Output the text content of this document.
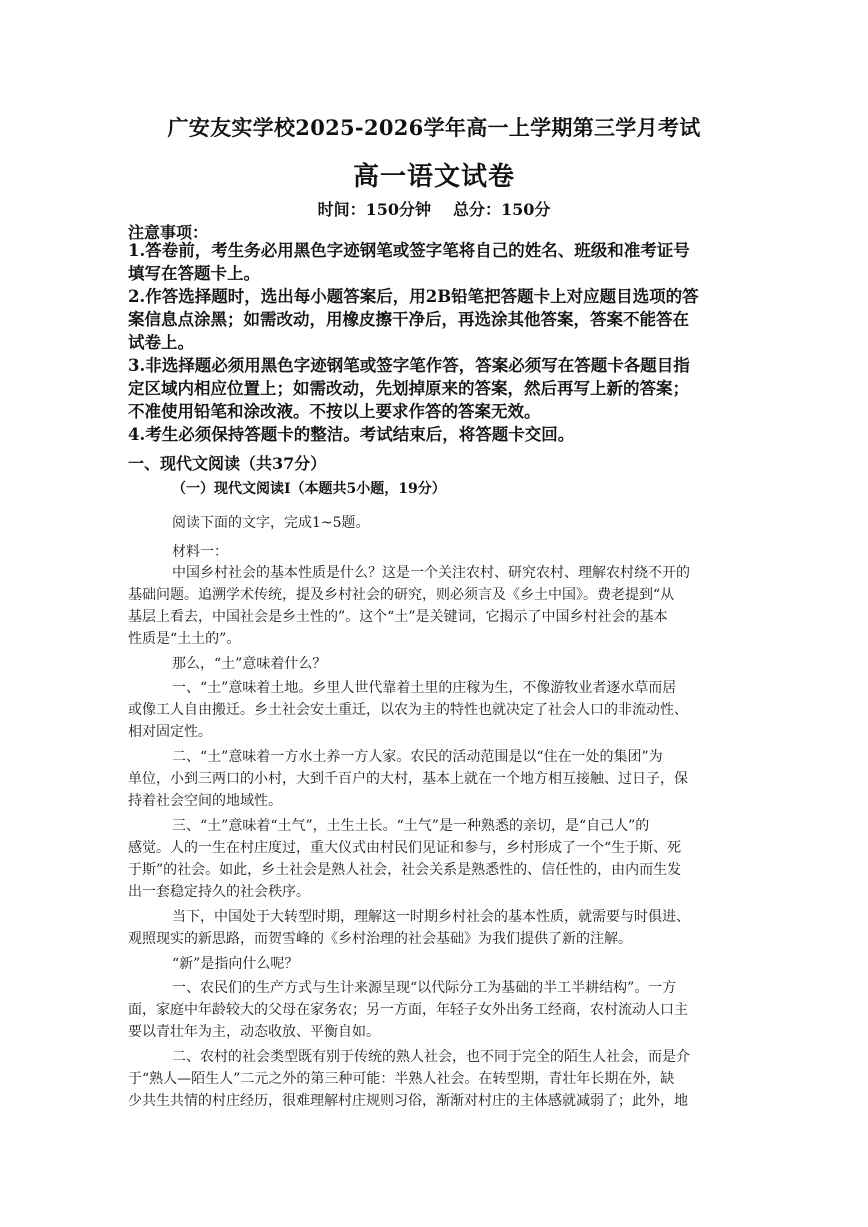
广安友实学校2025-2026学年高一上学期第三学月考试
高一语文试卷
时间：150分钟 总分：150分
注意事项：
1.答卷前，考生务必用黑色字迹钢笔或签字笔将自己的姓名、班级和准考证号
填写在答题卡上。
2.作答选择题时，选出每小题答案后，用2B铅笔把答题卡上对应题目选项的答
案信息点涂黑；如需改动，用橡皮擦干净后，再选涂其他答案，答案不能答在
试卷上。
3.非选择题必须用黑色字迹钢笔或签字笔作答，答案必须写在答题卡各题目指
定区域内相应位置上；如需改动，先划掉原来的答案，然后再写上新的答案；
不准使用铅笔和涂改液。不按以上要求作答的答案无效。
4.考生必须保持答题卡的整洁。考试结束后，将答题卡交回。
一、现代文阅读（共37分）
（一）现代文阅读Ⅰ（本题共5小题，19分）
阅读下面的文字，完成1~5题。
材料一：
中国乡村社会的基本性质是什么？这是一个关注农村、研究农村、理解农村绕不开的
基础问题。追溯学术传统，提及乡村社会的研究，则必须言及《乡土中国》。费老提到“从
基层上看去，中国社会是乡土性的”。这个“土”是关键词，它揭示了中国乡村社会的基本
性质是“土土的”。
那么，“土”意味着什么？
一、“土”意味着土地。乡里人世代靠着土里的庄稼为生，不像游牧业者逐水草而居
或像工人自由搬迁。乡土社会安土重迁，以农为主的特性也就决定了社会人口的非流动性、
相对固定性。
二、“土”意味着一方水土养一方人家。农民的活动范围是以“住在一处的集团”为
单位，小到三两口的小村，大到千百户的大村，基本上就在一个地方相互接触、过日子，保
持着社会空间的地域性。
三、“土”意味着“土气”，土生土长。“土气”是一种熟悉的亲切，是“自己人”的
感觉。人的一生在村庄度过，重大仪式由村民们见证和参与，乡村形成了一个“生于斯、死
于斯”的社会。如此，乡土社会是熟人社会，社会关系是熟悉性的、信任性的，由内而生发
出一套稳定持久的社会秩序。
当下，中国处于大转型时期，理解这一时期乡村社会的基本性质，就需要与时俱进、
观照现实的新思路，而贺雪峰的《乡村治理的社会基础》为我们提供了新的注解。
“新”是指向什么呢？
一、农民们的生产方式与生计来源呈现“以代际分工为基础的半工半耕结构”。一方
面，家庭中年龄较大的父母在家务农；另一方面，年轻子女外出务工经商，农村流动人口主
要以青壮年为主，动态收放、平衡自如。
二、农村的社会类型既有别于传统的熟人社会，也不同于完全的陌生人社会，而是介
于“熟人—陌生人”二元之外的第三种可能：半熟人社会。在转型期，青壮年长期在外，缺
少共生共情的村庄经历，很难理解村庄规则习俗，渐渐对村庄的主体感就减弱了；此外，地
